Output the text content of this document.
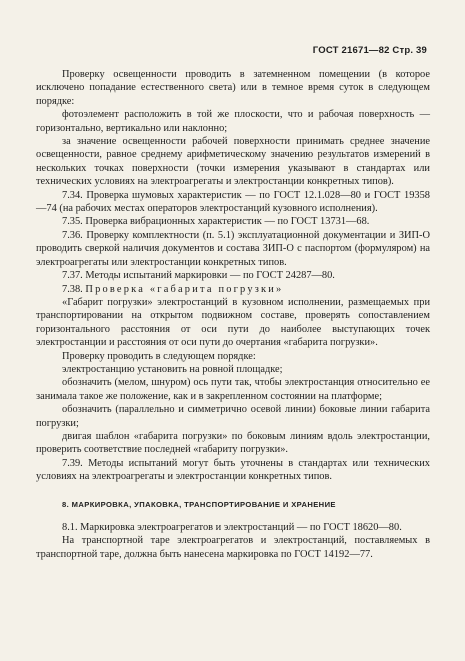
ГОСТ 21671—82 Стр. 39

Проверку освещенности проводить в затемненном помещении (в которое исключено попадание естественного света) или в темное время суток в следующем порядке:

фотоэлемент расположить в той же плоскости, что и рабочая поверхность — горизонтально, вертикально или наклонно;

за значение освещенности рабочей поверхности принимать среднее значение освещенности, равное среднему арифметическому значению результатов измерений в нескольких точках поверхности (точки измерения указывают в стандартах или технических условиях на электроагрегаты и электростанции конкретных типов).

7.34. Проверка шумовых характеристик — по ГОСТ 12.1.028—80 и ГОСТ 19358—74 (на рабочих местах операторов электростанций кузовного исполнения).

7.35. Проверка вибрационных характеристик — по ГОСТ 13731—68.

7.36. Проверку комплектности (п. 5.1) эксплуатационной документации и ЗИП-О проводить сверкой наличия документов и состава ЗИП-О с паспортом (формуляром) на электроагрегаты или электростанции конкретных типов.

7.37. Методы испытаний маркировки — по ГОСТ 24287—80.

7.38. Проверка «габарита погрузки»

«Габарит погрузки» электростанций в кузовном исполнении, размещаемых при транспортировании на открытом подвижном составе, проверять сопоставлением горизонтального расстояния от оси пути до наиболее выступающих точек электростанции и расстояния от оси пути до очертания «габарита погрузки».

Проверку проводить в следующем порядке:

электростанцию установить на ровной площадке;

обозначить (мелом, шнуром) ось пути так, чтобы электростанция относительно ее занимала такое же положение, как и в закрепленном состоянии на платформе;

обозначить (параллельно и симметрично осевой линии) боковые линии габарита погрузки;

двигая шаблон «габарита погрузки» по боковым линиям вдоль электростанции, проверить соответствие последней «габариту погрузки».

7.39. Методы испытаний могут быть уточнены в стандартах или технических условиях на электроагрегаты и электростанции конкретных типов.

8. МАРКИРОВКА, УПАКОВКА, ТРАНСПОРТИРОВАНИЕ И ХРАНЕНИЕ

8.1. Маркировка электроагрегатов и электростанций — по ГОСТ 18620—80.

На транспортной таре электроагрегатов и электростанций, поставляемых в транспортной таре, должна быть нанесена маркировка по ГОСТ 14192—77.
